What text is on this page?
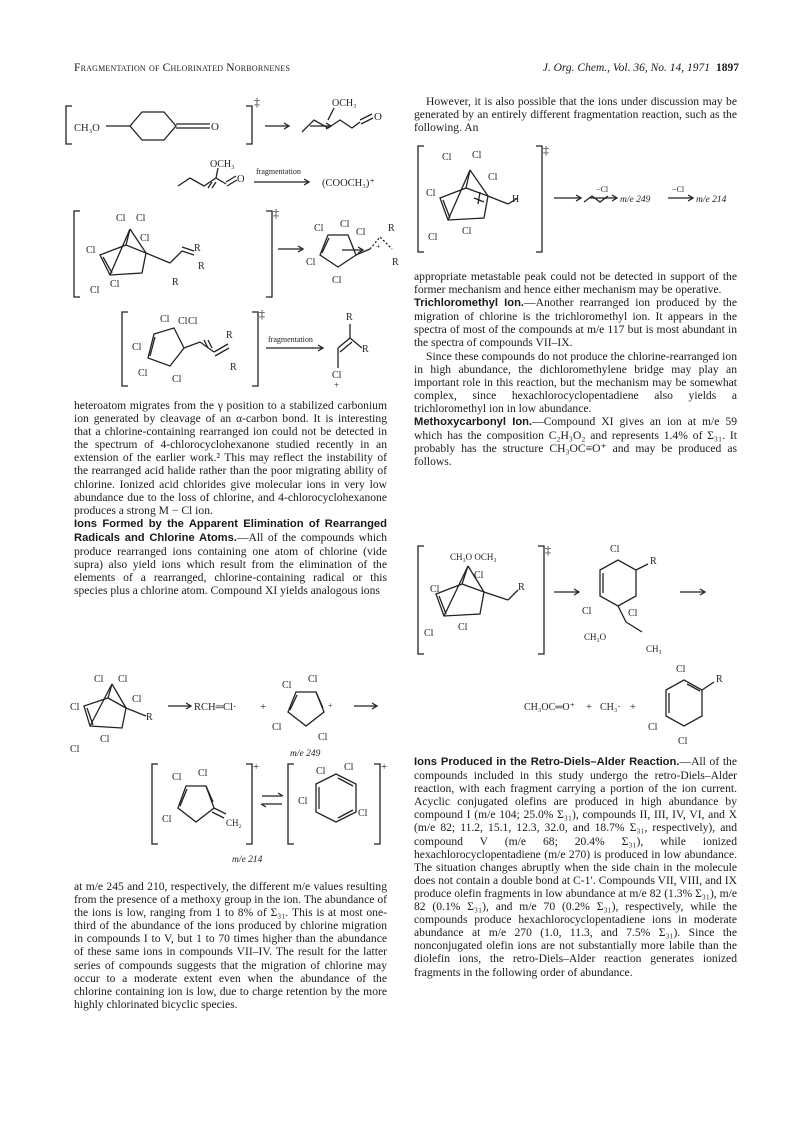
Fragmentation of Chlorinated Norbornenes	J. Org. Chem., Vol. 36, No. 14, 1971 1897
‡
CH₃O	O
O
OCH₃
O
OCH₃
fragmentation
(COOCH₃)⁺
‡
Cl Cl
Cl
Cl
Cl
Cl
R
R
R
Cl Cl
Cl
Cl
Cl
+
R
R
‡
Cl Cl Cl
Cl
Cl
Cl
R
R
fragmentation
R
R
Cl
+

heteroatom migrates from the γ position to a stabilized carbonium ion generated by cleavage of an α-carbon bond. It is interesting that a chlorine-containing rearranged ion could not be detected in the spectrum of 4-chlorocyclohexanone studied recently in an extension of the earlier work.² This may reflect the instability of the rearranged acid halide rather than the poor migrating ability of chlorine. Ionized acid chlorides give molecular ions in very low abundance due to the loss of chlorine, and 4-chlorocyclohexanone produces a strong M − Cl ion.

Ions Formed by the Apparent Elimination of Rearranged Radicals and Chlorine Atoms.—All of the compounds which produce rearranged ions containing one atom of chlorine (vide supra) also yield ions which result from the elimination of the elements of a rearranged, chlorine-containing radical or this species plus a chlorine atom. Compound XI yields analogous ions

Cl Cl
Cl
Cl
Cl
Cl
R
RCH═Cl· +
Cl
Cl
Cl
Cl
+
m/e 249
+
Cl Cl
Cl	CH₂
+
Cl Cl
Cl
Cl
m/e 214

at m/e 245 and 210, respectively, the different m/e values resulting from the presence of a methoxy group in the ion. The abundance of the ions is low, ranging from 1 to 8% of Σ₃₁. This is at most one-third of the abundance of the ions produced by chlorine migration in compounds I to V, but 1 to 70 times higher than the abundance of these same ions in compounds VII–IV. The result for the latter series of compounds suggests that the migration of chlorine may occur to a moderate extent even when the abundance of the chlorine containing ion is low, due to charge retention by the more highly chlorinated bicyclic species.

However, it is also possible that the ions under discussion may be generated by an entirely different fragmentation reaction, such as the following. An

‡
Cl Cl
Cl
Cl
Cl
Cl
H
−Cl
m/e 249
−Cl
m/e 214

appropriate metastable peak could not be detected in support of the former mechanism and hence either mechanism may be operative.

Trichloromethyl Ion.—Another rearranged ion produced by the migration of chlorine is the trichloromethyl ion. It appears in the spectra of most of the compounds at m/e 117 but is most abundant in the spectra of compounds VII–IX.

Since these compounds do not produce the chlorine-rearranged ion in high abundance, the dichloromethylene bridge may play an important role in this reaction, but the mechanism may be somewhat complex, since hexachlorocyclopentadiene also yields a trichloromethyl ion in low abundance.

Methoxycarbonyl Ion.—Compound XI gives an ion at m/e 59 which has the composition C₂H₃O₂ and represents 1.4% of Σ₃₁. It probably has the structure CH₃OC≡O⁺ and may be produced as follows.

‡
CH₃O OCH₃
Cl
Cl
Cl
Cl
R
Cl
R
Cl	Cl
CH₃O
CH₃
CH₃OC═O⁺ + CH₃· +
Cl
R
Cl
Cl

Ions Produced in the Retro-Diels–Alder Reaction.—All of the compounds included in this study undergo the retro-Diels–Alder reaction, with each fragment carrying a portion of the ion current. Acyclic conjugated olefins are produced in high abundance by compound I (m/e 104; 25.0% Σ₃₁), compounds II, III, IV, VI, and X (m/e 82; 11.2, 15.1, 12.3, 32.0, and 18.7% Σ₃₁, respectively), and compound V (m/e 68; 20.4% Σ₃₁), while ionized hexachlorocyclopentadiene (m/e 270) is produced in low abundance. The situation changes abruptly when the side chain in the molecule does not contain a double bond at C-1′. Compounds VII, VIII, and IX produce olefin fragments in low abundance at m/e 82 (1.3% Σ₃₁), m/e 82 (0.1% Σ₃₁), and m/e 70 (0.2% Σ₃₁), respectively, while the compounds produce hexachlorocyclopentadiene ions in moderate abundance at m/e 270 (1.0, 11.3, and 7.5% Σ₃₁). Since the nonconjugated olefin ions are not substantially more labile than the diolefin ions, the retro-Diels–Alder reaction generates ionized fragments in the following order of abundance.
